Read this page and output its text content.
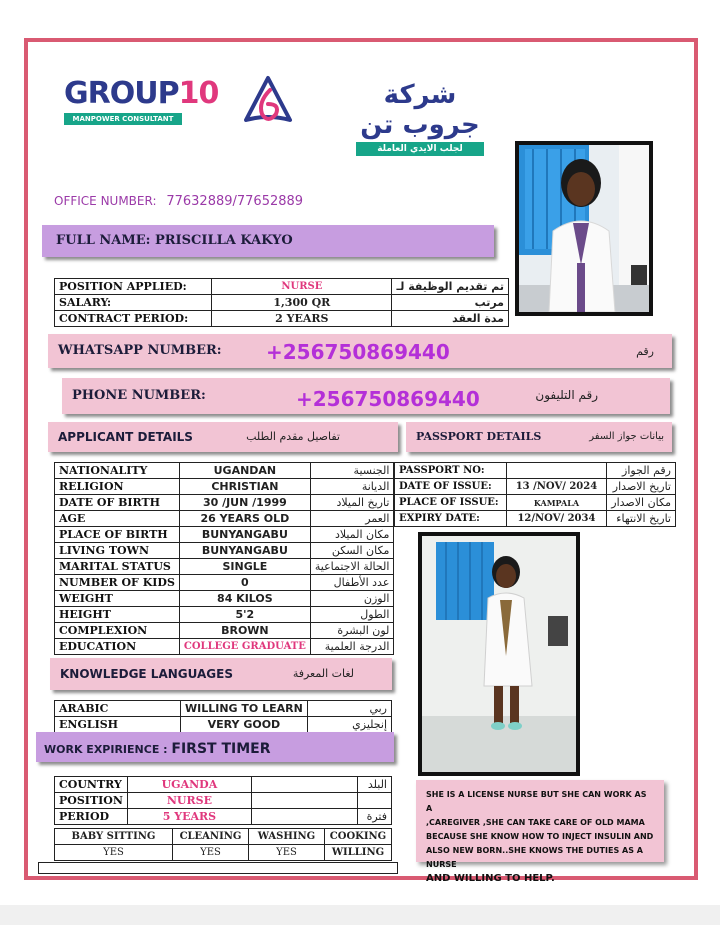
GROUP10
MANPOWER CONSULTANT
شركة جروب تن
لجلب الايدي العاملة
OFFICE NUMBER: 77632889/77652889
FULL NAME: PRISCILLA KAKYO
POSITION APPLIED:	NURSE	تم تقديم الوظيفة لـ
SALARY:	1,300 QR	مرتب
CONTRACT PERIOD:	2 YEARS	مدة العقد
WHATSAPP NUMBER: +256750869440	رقم
PHONE NUMBER:	+256750869440	رقم التليفون
APPLICANT DETAILS	تفاصيل مقدم الطلب	PASSPORT DETAILS	بيانات جواز السفر
NATIONALITY	UGANDAN	الجنسية
RELIGION	CHRISTIAN	الديانة
DATE OF BIRTH	30 /JUN /1999	تاريخ الميلاد
AGE	26 YEARS OLD	العمر
PLACE OF BIRTH	BUNYANGABU	مكان الميلاد
LIVING TOWN	BUNYANGABU	مكان السكن
MARITAL STATUS	SINGLE	الحالة الاجتماعية
NUMBER OF KIDS	0	عدد الأطفال
WEIGHT	84 KILOS	الوزن
HEIGHT	5'2	الطول
COMPLEXION	BROWN	لون البشرة
EDUCATION	COLLEGE GRADUATE	الدرجة العلمية
PASSPORT NO:		رقم الجواز
DATE OF ISSUE:	13 /NOV/ 2024	تاريخ الاصدار
PLACE OF ISSUE:	KAMPALA	مكان الاصدار
EXPIRY DATE:	12/NOV/ 2034	تاريخ الانتهاء
KNOWLEDGE LANGUAGES	لغات المعرفة
ARABIC	WILLING TO LEARN	ربي
ENGLISH	VERY GOOD	إنجليزي
WORK EXPIRIENCE : FIRST TIMER
COUNTRY	UGANDA		البلد
POSITION	NURSE		
PERIOD	5 YEARS		فترة
BABY SITTING	CLEANING	WASHING	COOKING
YES	YES	YES	WILLING
SHE IS A LICENSE NURSE BUT SHE CAN WORK AS A
,CAREGIVER ,SHE CAN TAKE CARE OF OLD MAMA
BECAUSE SHE KNOW HOW TO INJECT INSULIN AND
ALSO NEW BORN..SHE KNOWS THE DUTIES AS A NURSE
AND WILLING TO HELP.
